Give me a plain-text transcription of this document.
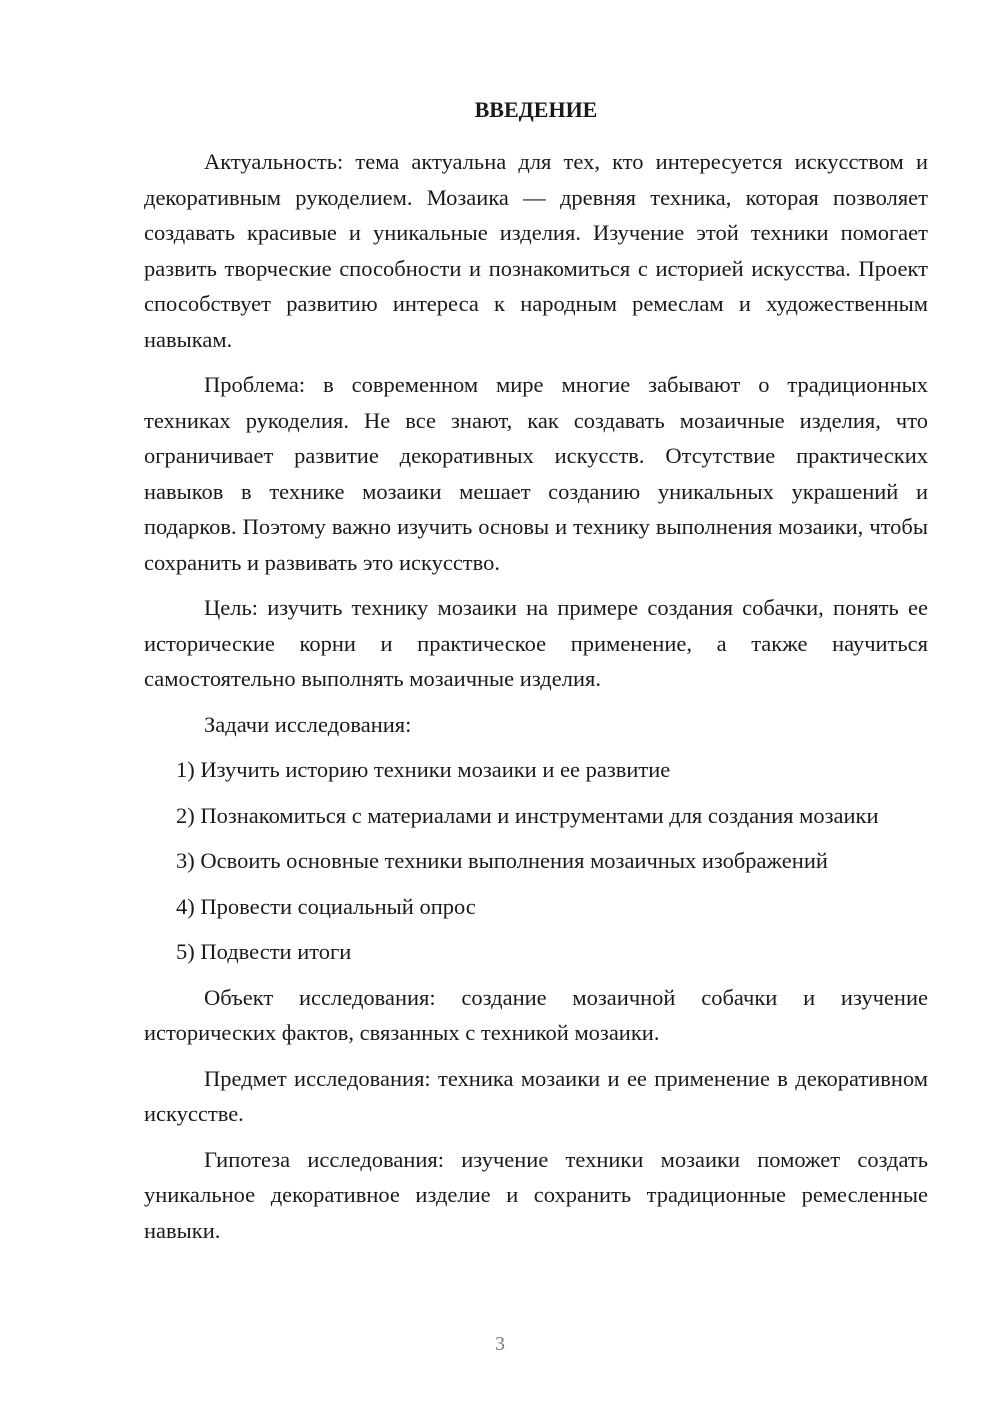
ВВЕДЕНИЕ

Актуальность: тема актуальна для тех, кто интересуется искусством и декоративным рукоделием. Мозаика — древняя техника, которая позволяет создавать красивые и уникальные изделия. Изучение этой техники помогает развить творческие способности и познакомиться с историей искусства. Проект способствует развитию интереса к народным ремеслам и художественным навыкам.

Проблема: в современном мире многие забывают о традиционных техниках рукоделия. Не все знают, как создавать мозаичные изделия, что ограничивает развитие декоративных искусств. Отсутствие практических навыков в технике мозаики мешает созданию уникальных украшений и подарков. Поэтому важно изучить основы и технику выполнения мозаики, чтобы сохранить и развивать это искусство.

Цель: изучить технику мозаики на примере создания собачки, понять ее исторические корни и практическое применение, а также научиться самостоятельно выполнять мозаичные изделия.

Задачи исследования:

1) Изучить историю техники мозаики и ее развитие

2) Познакомиться с материалами и инструментами для создания мозаики

3) Освоить основные техники выполнения мозаичных изображений

4) Провести социальный опрос

5) Подвести итоги

Объект исследования: создание мозаичной собачки и изучение исторических фактов, связанных с техникой мозаики.

Предмет исследования: техника мозаики и ее применение в декоративном искусстве.

Гипотеза исследования: изучение техники мозаики поможет создать уникальное декоративное изделие и сохранить традиционные ремесленные навыки.

3
